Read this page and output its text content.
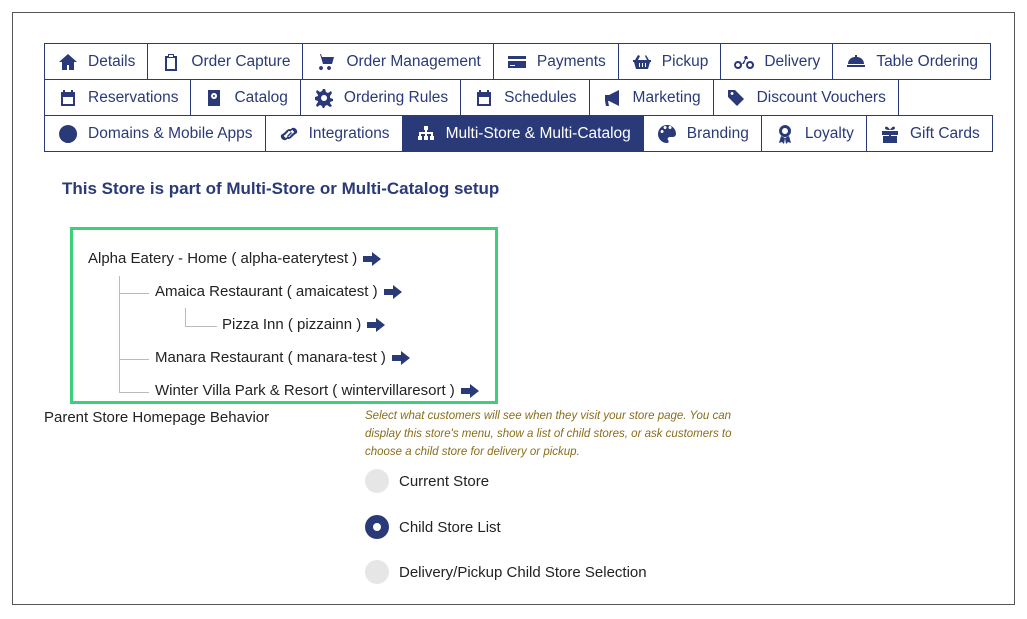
Details	Order Capture	Order Management	Payments	Pickup	Delivery	Table Ordering
Reservations	Catalog	Ordering Rules	Schedules	Marketing	Discount Vouchers
Domains & Mobile Apps	Integrations	Multi-Store & Multi-Catalog	Branding	Loyalty	Gift Cards
This Store is part of Multi-Store or Multi-Catalog setup
Alpha Eatery - Home ( alpha-eaterytest )
Amaica Restaurant ( amaicatest )
Pizza Inn ( pizzainn )
Manara Restaurant ( manara-test )
Winter Villa Park & Resort ( wintervillaresort )
Parent Store Homepage Behavior	Select what customers will see when they visit your store page. You can display this store's menu, show a list of child stores, or ask customers to choose a child store for delivery or pickup.
Current Store
Child Store List
Delivery/Pickup Child Store Selection
